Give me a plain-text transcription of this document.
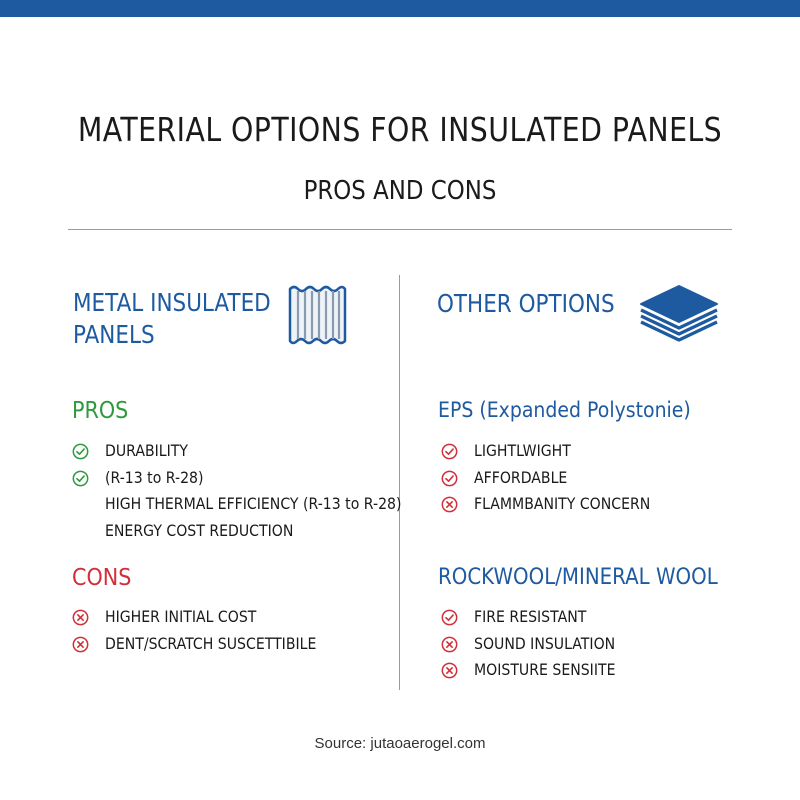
MATERIAL OPTIONS FOR INSULATED PANELS
PROS AND CONS
METAL INSULATED
PANELS
PROS
DURABILITY
(R-13 to R-28)
HIGH THERMAL EFFICIENCY (R-13 to R-28)
ENERGY COST REDUCTION
CONS
HIGHER INITIAL COST
DENT/SCRATCH SUSCETTIBILE
OTHER OPTIONS
EPS (Expanded Polystonie)
LIGHTLWIGHT
AFFORDABLE
FLAMMBANITY CONCERN
ROCKWOOL/MINERAL WOOL
FIRE RESISTANT
SOUND INSULATION
MOISTURE SENSIITE
Source: jutaoaerogel.com
